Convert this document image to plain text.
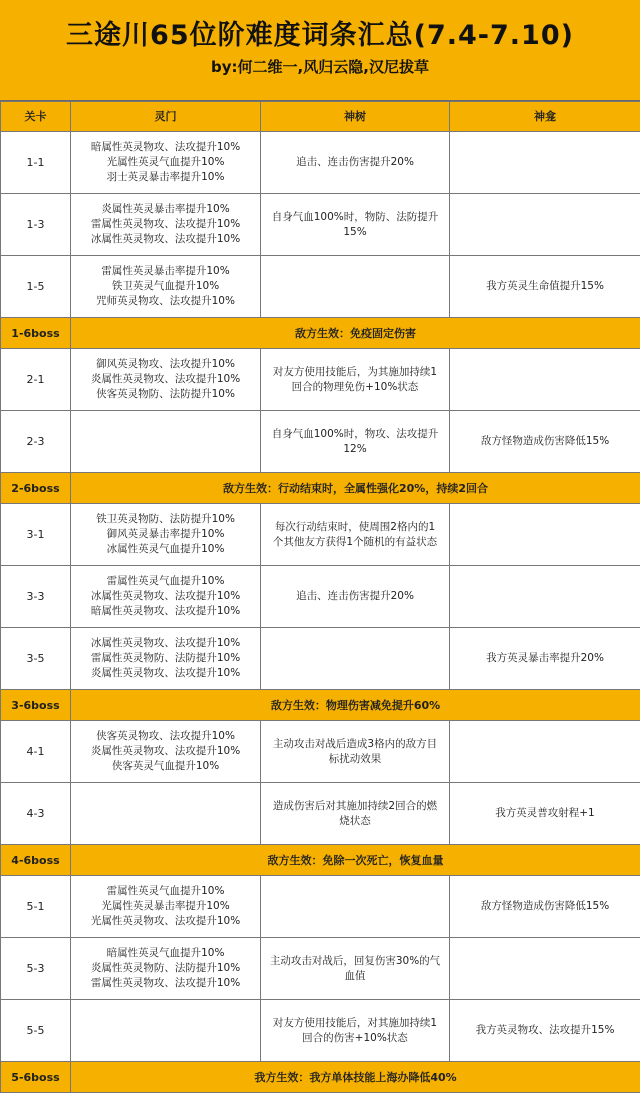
三途川65位阶难度词条汇总(7.4-7.10)
by:何二维一,风归云隐,汉尼拔草
关卡	灵门	神树	神龛
1-1	暗属性英灵物攻、法攻提升10%
光属性英灵气血提升10%
羽士英灵暴击率提升10%	追击、连击伤害提升20%	

1-3	炎属性英灵暴击率提升10%
雷属性英灵物攻、法攻提升10%
冰属性英灵物攻、法攻提升10%	自身气血100%时，物防、法防提升
15%	

1-5	雷属性英灵暴击率提升10%
铁卫英灵气血提升10%
咒师英灵物攻、法攻提升10%		我方英灵生命值提升15%

1-6boss	敌方生效：免疫固定伤害		
2-1	御风英灵物攻、法攻提升10%
炎属性英灵物攻、法攻提升10%
侠客英灵物防、法防提升10%	对友方使用技能后，为其施加持续1
回合的物理免伤+10%状态	

2-3		自身气血100%时，物攻、法攻提升
12%	敌方怪物造成伤害降低15%

2-6boss	敌方生效：行动结束时，全属性强化20%，持续2回合		
3-1	铁卫英灵物防、法防提升10%
御风英灵暴击率提升10%
冰属性英灵气血提升10%	每次行动结束时，使周围2格内的1
个其他友方获得1个随机的有益状态	

3-3	雷属性英灵气血提升10%
冰属性英灵物攻、法攻提升10%
暗属性英灵物攻、法攻提升10%	追击、连击伤害提升20%	

3-5	冰属性英灵物攻、法攻提升10%
雷属性英灵物防、法防提升10%
炎属性英灵物攻、法攻提升10%		我方英灵暴击率提升20%

3-6boss	敌方生效：物理伤害减免提升60%		
4-1	侠客英灵物攻、法攻提升10%
炎属性英灵物攻、法攻提升10%
侠客英灵气血提升10%	主动攻击对战后造成3格内的敌方目
标扰动效果	

4-3		造成伤害后对其施加持续2回合的燃
烧状态	我方英灵普攻射程+1

4-6boss	敌方生效：免除一次死亡，恢复血量		
5-1	雷属性英灵气血提升10%
光属性英灵暴击率提升10%
光属性英灵物攻、法攻提升10%		敌方怪物造成伤害降低15%

5-3	暗属性英灵气血提升10%
炎属性英灵物防、法防提升10%
雷属性英灵物攻、法攻提升10%	主动攻击对战后，回复伤害30%的气
血值	

5-5		对友方使用技能后，对其施加持续1
回合的伤害+10%状态	我方英灵物攻、法攻提升15%

5-6boss	我方生效：我方单体技能上海办降低40%		
